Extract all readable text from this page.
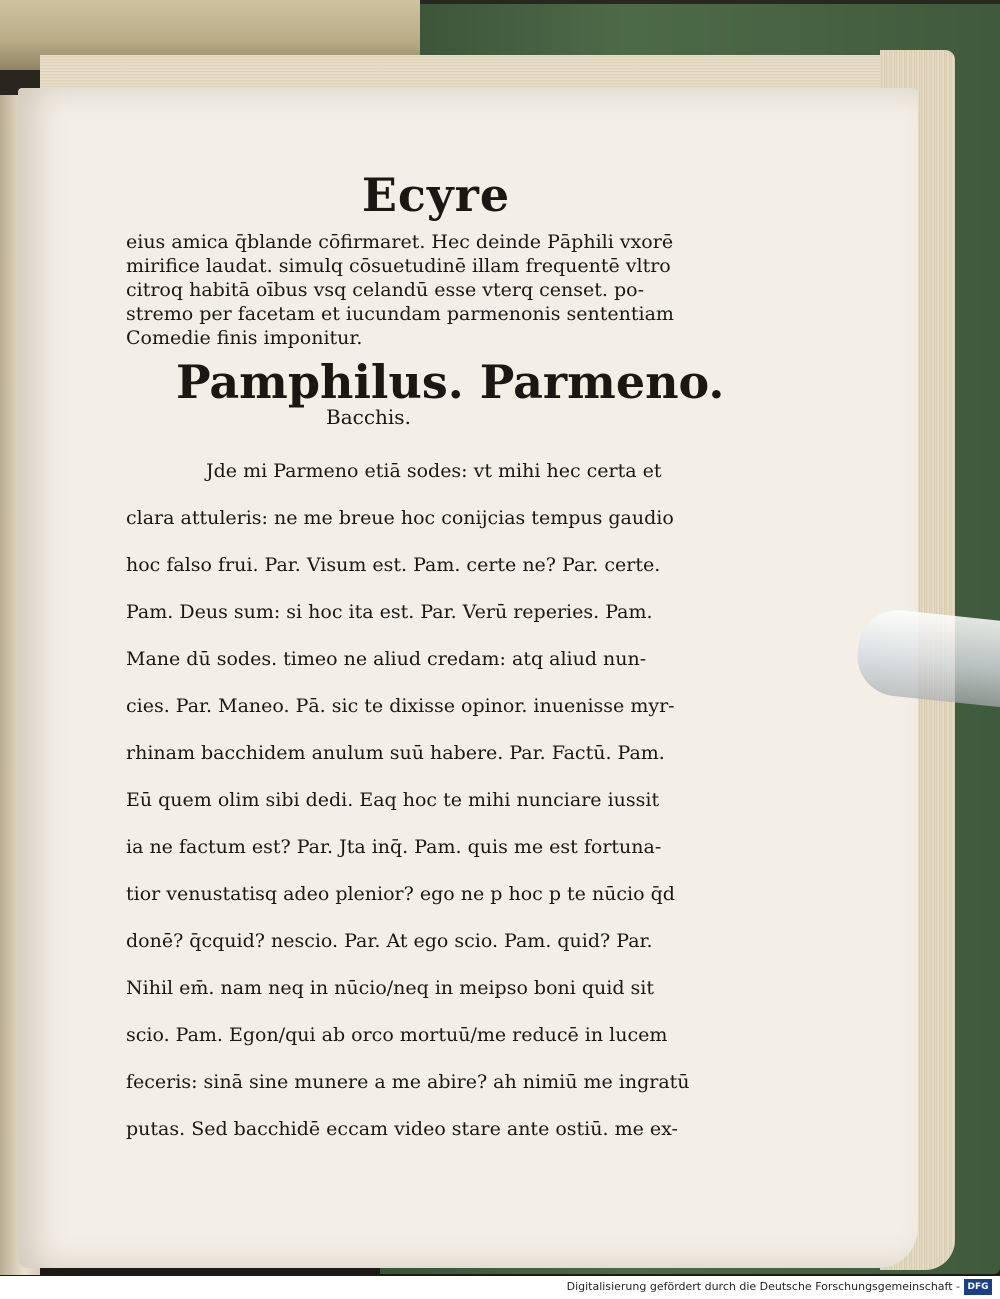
Ecyre
eius amica q̄blande cōfirmaret. Hec deinde Pāphili vxorē
mirifice laudat. simulq cōsuetudinē illam frequentē vltro
citroq habitā oībus vsq celandū esse vterq censet. po-
stremo per facetam et iucundam parmenonis sententiam
Comedie finis imponitur.
Pamphilus. Parmeno.
Bacchis.
Jde mi Parmeno etiā sodes: vt mihi hec certa et
clara attuleris: ne me breue hoc conijcias tempus gaudio
hoc falso frui. Par. Visum est. Pam. certe ne? Par. certe.
Pam. Deus sum: si hoc ita est. Par. Verū reperies. Pam.
Mane dū sodes. timeo ne aliud credam: atq aliud nun-
cies. Par. Maneo. Pā. sic te dixisse opinor. inuenisse myr-
rhinam bacchidem anulum suū habere. Par. Factū. Pam.
Eū quem olim sibi dedi. Eaq hoc te mihi nunciare iussit
ia ne factum est? Par. Jta inq̄. Pam. quis me est fortuna-
tior venustatisq adeo plenior? ego ne p hoc p te nūcio q̄d
donē? q̄cquid? nescio. Par. At ego scio. Pam. quid? Par.
Nihil em̄. nam neq in nūcio/neq in meipso boni quid sit
scio. Pam. Egon/qui ab orco mortuū/me reducē in lucem
feceris: sinā sine munere a me abire? ah nimiū me ingratū
putas. Sed bacchidē eccam video stare ante ostiū. me ex-
Digitalisierung gefördert durch die Deutsche Forschungsgemeinschaft - DFG
